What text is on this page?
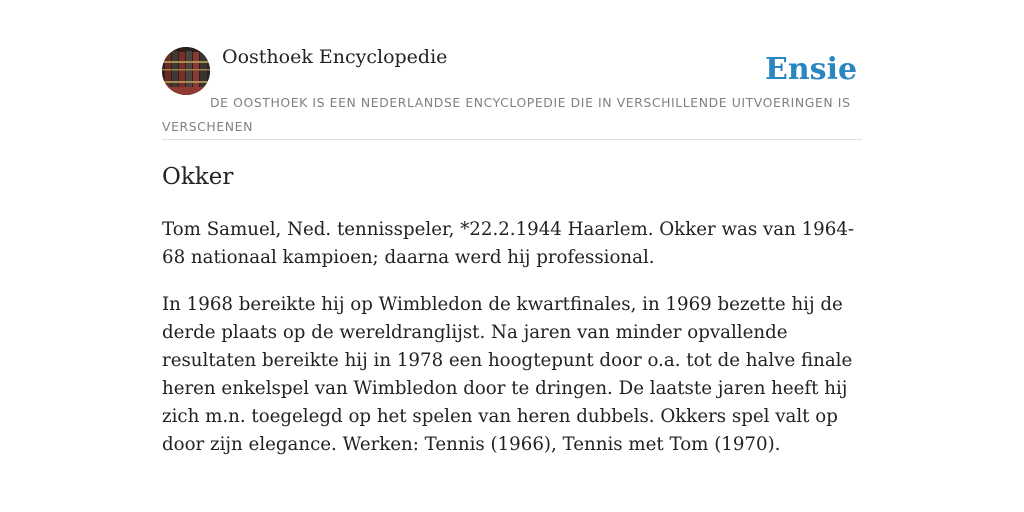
Oosthoek Encyclopedie	Ensie
DE OOSTHOEK IS EEN NEDERLANDSE ENCYCLOPEDIE DIE IN VERSCHILLENDE UITVOERINGEN IS VERSCHENEN
Okker

Tom Samuel, Ned. tennisspeler, *22.2.1944 Haarlem. Okker was van 1964-68 nationaal kampioen; daarna werd hij professional.

In 1968 bereikte hij op Wimbledon de kwartfinales, in 1969 bezette hij de derde plaats op de wereldranglijst. Na jaren van minder opvallende resultaten bereikte hij in 1978 een hoogtepunt door o.a. tot de halve finale heren enkelspel van Wimbledon door te dringen. De laatste jaren heeft hij zich m.n. toegelegd op het spelen van heren dubbels. Okkers spel valt op door zijn elegance. Werken: Tennis (1966), Tennis met Tom (1970).
